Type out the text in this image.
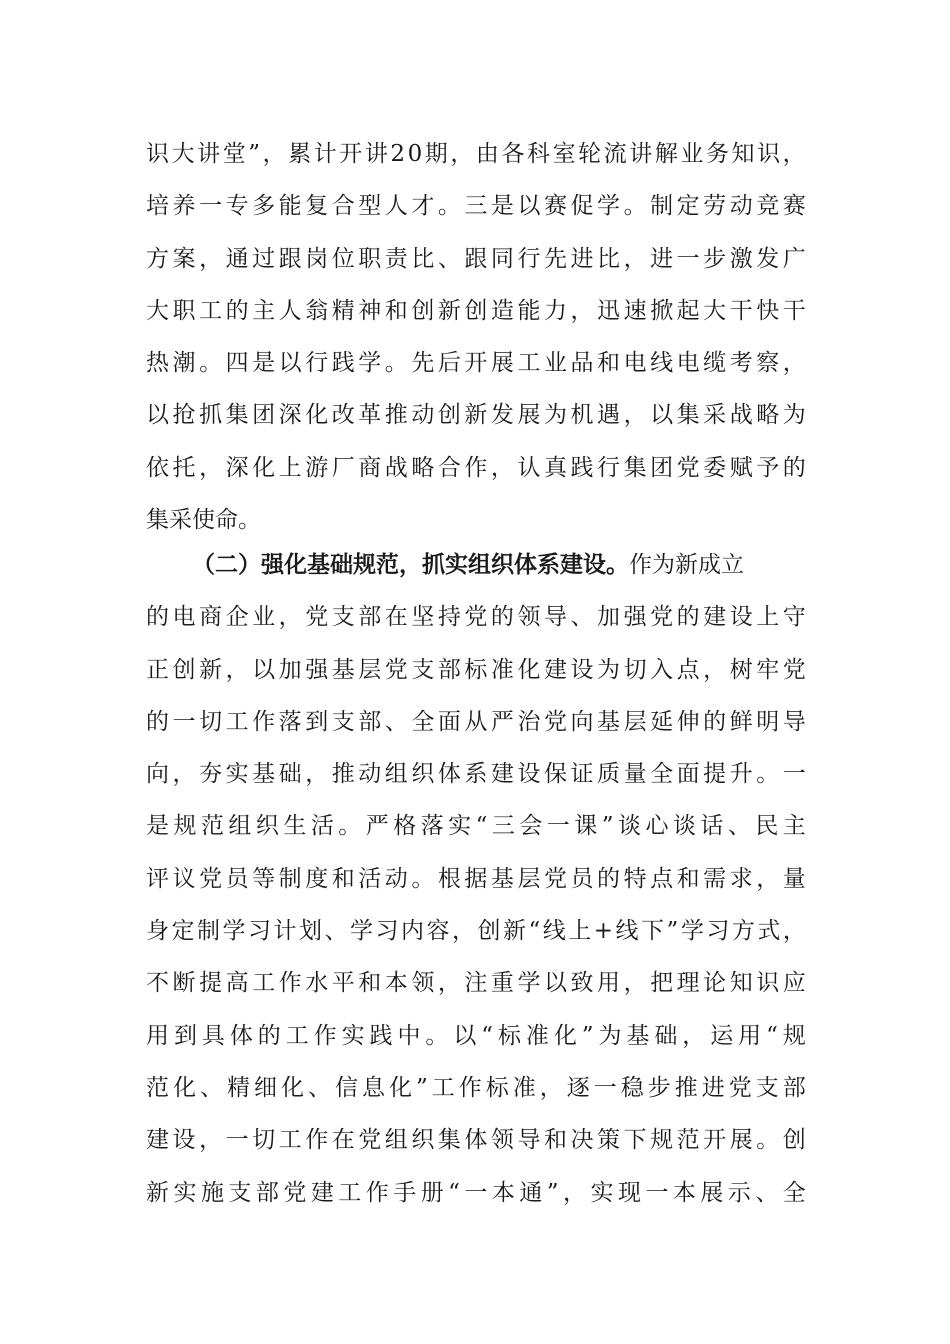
识 大 讲 堂 ” ， 累 计 开 讲 2 0 期 ， 由 各 科 室 轮 流 讲 解 业 务 知 识 ，
培 养 一 专 多 能 复 合 型 人 才 。 三 是 以 赛 促 学 。 制 定 劳 动 竞 赛
方 案 ， 通 过 跟 岗 位 职 责 比 、 跟 同 行 先 进 比 ， 进 一 步 激 发 广
大 职 工 的 主 人 翁 精 神 和 创 新 创 造 能 力 ， 迅 速 掀 起 大 干 快 干
热 潮 。 四 是 以 行 践 学 。 先 后 开 展 工 业 品 和 电 线 电 缆 考 察 ，
以 抢 抓 集 团 深 化 改 革 推 动 创 新 发 展 为 机 遇 ， 以 集 采 战 略 为
依 托 ， 深 化 上 游 厂 商 战 略 合 作 ， 认 真 践 行 集 团 党 委 赋 予 的
集采使命。
（二）强化基础规范，抓实组织体系建设。 作为新成立
的 电 商 企 业 ， 党 支 部 在 坚 持 党 的 领 导 、 加 强 党 的 建 设 上 守
正 创 新 ， 以 加 强 基 层 党 支 部 标 准 化 建 设 为 切 入 点 ， 树 牢 党
的 一 切 工 作 落 到 支 部 、 全 面 从 严 治 党 向 基 层 延 伸 的 鲜 明 导
向 ， 夯 实 基 础 ， 推 动 组 织 体 系 建 设 保 证 质 量 全 面 提 升 。 一
是 规 范 组 织 生 活 。 严 格 落 实 “ 三 会 一 课 ” 谈 心 谈 话 、 民 主
评 议 党 员 等 制 度 和 活 动 。 根 据 基 层 党 员 的 特 点 和 需 求 ， 量
身 定 制 学 习 计 划 、 学 习 内 容 ， 创 新 “ 线 上 + 线 下 ” 学 习 方 式 ，
不 断 提 高 工 作 水 平 和 本 领 ， 注 重 学 以 致 用 ， 把 理 论 知 识 应
用 到 具 体 的 工 作 实 践 中 。 以 “ 标 准 化 ” 为 基 础 ， 运 用 “ 规
范 化 、 精 细 化 、 信 息 化 ” 工 作 标 准 ， 逐 一 稳 步 推 进 党 支 部
建 设 ， 一 切 工 作 在 党 组 织 集 体 领 导 和 决 策 下 规 范 开 展 。 创
新 实 施 支 部 党 建 工 作 手 册 “ 一 本 通 ” ， 实 现 一 本 展 示 、 全
